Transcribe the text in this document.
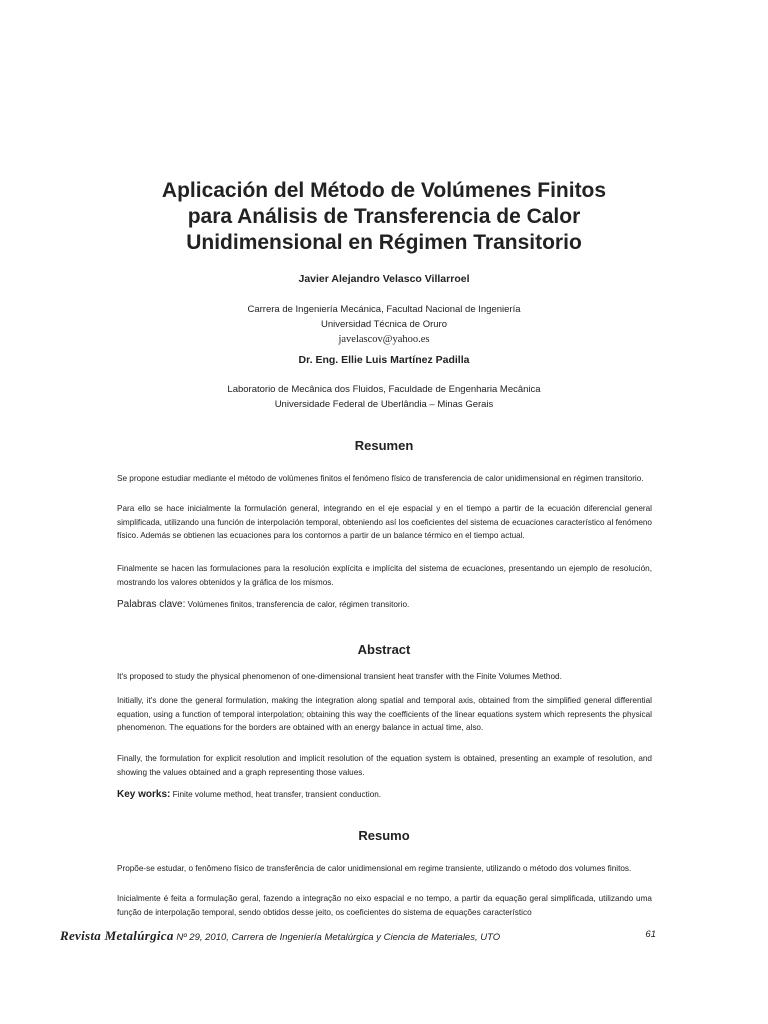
Aplicación del Método de Volúmenes Finitos
para Análisis de Transferencia de Calor
Unidimensional en Régimen Transitorio
Javier Alejandro Velasco Villarroel
Carrera de Ingeniería Mecánica, Facultad Nacional de Ingeniería
Universidad Técnica de Oruro
javelascov@yahoo.es
Dr. Eng. Ellie Luis Martínez Padilla
Laboratorio de Mecânica dos Fluidos, Faculdade de Engenharia Mecânica
Universidade Federal de Uberlândia – Minas Gerais
Resumen
Se propone estudiar mediante el método de volúmenes finitos el fenómeno físico de transferencia de calor unidimensional en régimen transitorio.
Para ello se hace inicialmente la formulación general, integrando en el eje espacial y en el tiempo a partir de la ecuación diferencial general simplificada, utilizando una función de interpolación temporal, obteniendo así los coeficientes del sistema de ecuaciones característico al fenómeno físico. Además se obtienen las ecuaciones para los contornos a partir de un balance térmico en el tiempo actual.
Finalmente se hacen las formulaciones para la resolución explícita e implícita del sistema de ecuaciones, presentando un ejemplo de resolución, mostrando los valores obtenidos y la gráfica de los mismos.
Palabras clave: Volúmenes finitos, transferencia de calor, régimen transitorio.
Abstract
It's proposed to study the physical phenomenon of one-dimensional transient heat transfer with the Finite Volumes Method.
Initially, it's done the general formulation, making the integration along spatial and temporal axis, obtained from the simplified general differential equation, using a function of temporal interpolation; obtaining this way the coefficients of the linear equations system which represents the physical phenomenon. The equations for the borders are obtained with an energy balance in actual time, also.
Finally, the formulation for explicit resolution and implicit resolution of the equation system is obtained, presenting an example of resolution, and showing the values obtained and a graph representing those values.
Key works: Finite volume method, heat transfer, transient conduction.
Resumo
Propõe-se estudar, o fenômeno físico de transferência de calor unidimensional em regime transiente, utilizando o método dos volumes finitos.
Inicialmente é feita a formulação geral, fazendo a integração no eixo espacial e no tempo, a partir da equação geral simplificada, utilizando uma função de interpolação temporal, sendo obtidos desse jeito, os coeficientes do sistema de equações característico
Revista Metalúrgica Nº 29, 2010, Carrera de Ingeniería Metalúrgica y Ciencia de Materiales, UTO	61
